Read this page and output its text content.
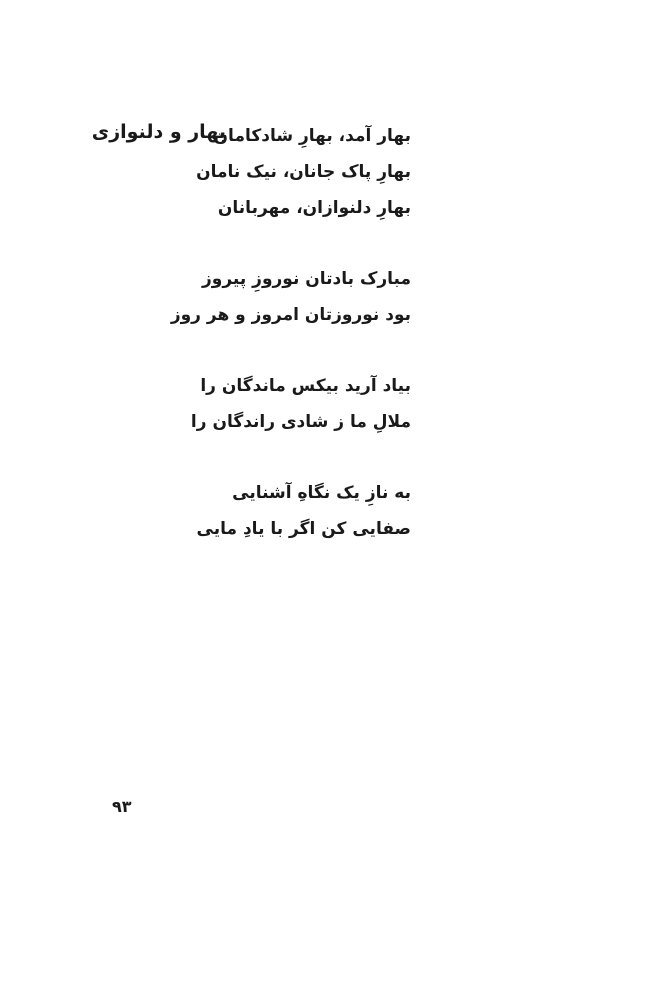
بهار و دلنوازی
بهار آمد، بهارِ شادکامان
بهارِ پاک جانان، نیک نامان
بهارِ دلنوازان، مهربانان
مبارک بادتان نوروزِ پیروز
بود نوروزتان امروز و هر روز
بیاد آرید بیکس ماندگان را
ملالِ ما ز شادی راندگان را
به نازِ یک نگاهِ آشنایی
صفایی کن اگر با یادِ مایی
۹۳
